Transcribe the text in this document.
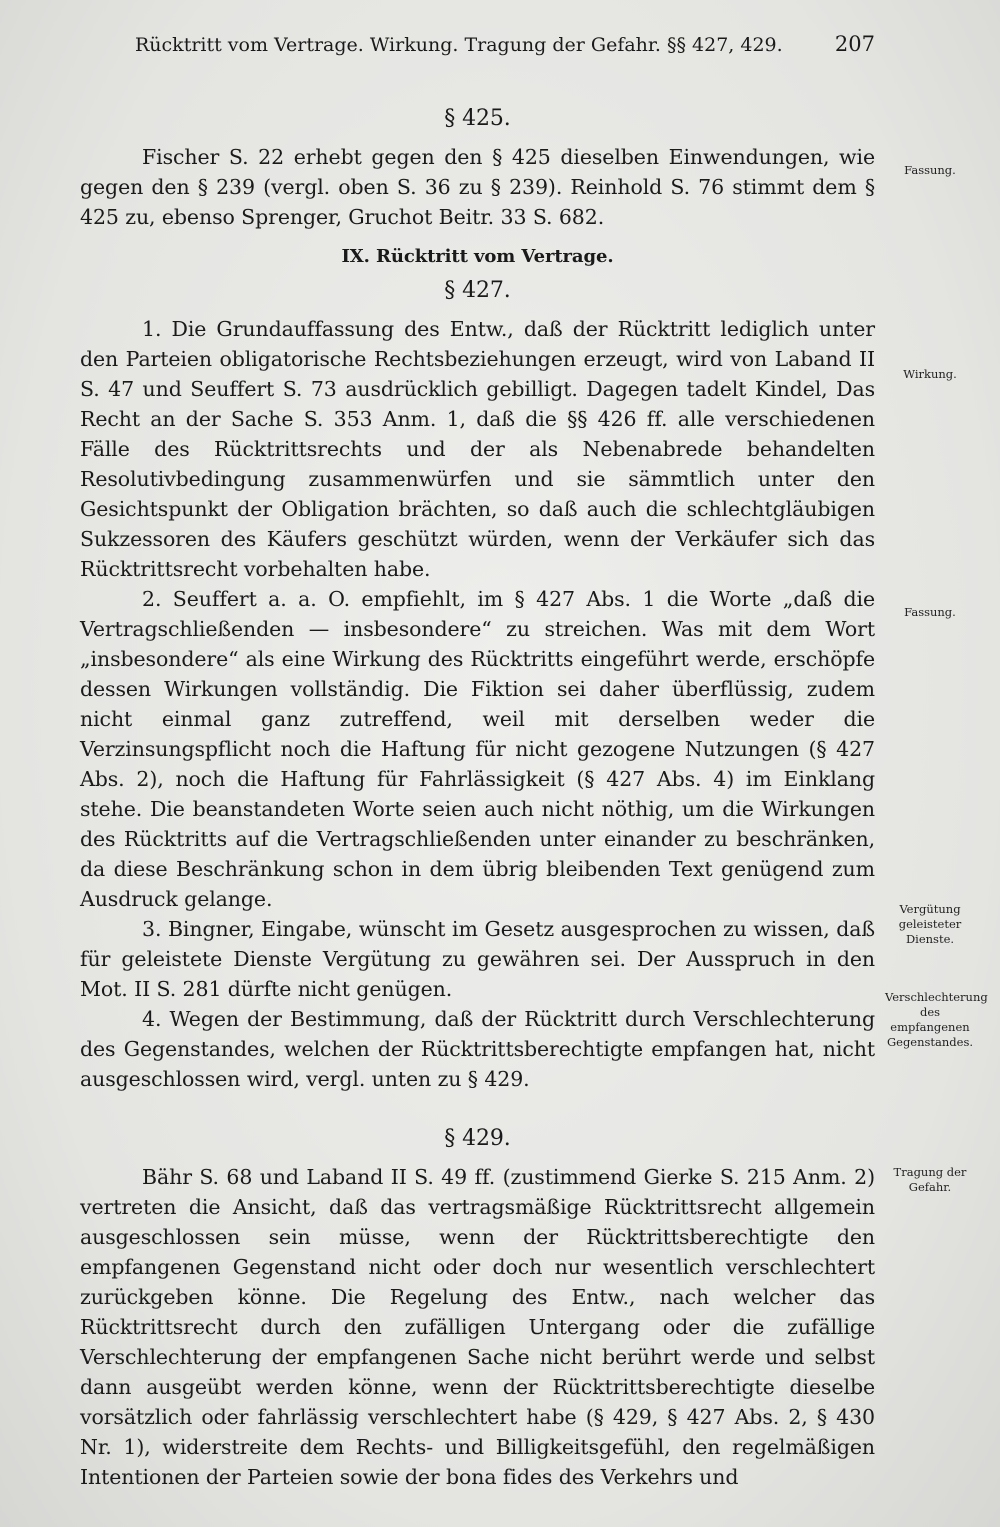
Rücktritt vom Vertrage. Wirkung. Tragung der Gefahr. §§ 427, 429. 207
§ 425.

Fischer S. 22 erhebt gegen den § 425 dieselben Einwendungen, wie gegen den § 239 (vergl. oben S. 36 zu § 239). Reinhold S. 76 stimmt dem § 425 zu, ebenso Sprenger, Gruchot Beitr. 33 S. 682.

IX. Rücktritt vom Vertrage.
§ 427.

1. Die Grundauffassung des Entw., daß der Rücktritt lediglich unter den Parteien obligatorische Rechtsbeziehungen erzeugt, wird von Laband II S. 47 und Seuffert S. 73 ausdrücklich gebilligt. Dagegen tadelt Kindel, Das Recht an der Sache S. 353 Anm. 1, daß die §§ 426 ff. alle verschiedenen Fälle des Rücktrittsrechts und der als Nebenabrede behandelten Resolutivbedingung zusammenwürfen und sie sämmtlich unter den Gesichtspunkt der Obligation brächten, so daß auch die schlechtgläubigen Sukzessoren des Käufers geschützt würden, wenn der Verkäufer sich das Rücktrittsrecht vorbehalten habe.

2. Seuffert a. a. O. empfiehlt, im § 427 Abs. 1 die Worte „daß die Vertragschließenden — insbesondere“ zu streichen. Was mit dem Wort „insbesondere“ als eine Wirkung des Rücktritts eingeführt werde, erschöpfe dessen Wirkungen vollständig. Die Fiktion sei daher überflüssig, zudem nicht einmal ganz zutreffend, weil mit derselben weder die Verzinsungspflicht noch die Haftung für nicht gezogene Nutzungen (§ 427 Abs. 2), noch die Haftung für Fahrlässigkeit (§ 427 Abs. 4) im Einklang stehe. Die beanstandeten Worte seien auch nicht nöthig, um die Wirkungen des Rücktritts auf die Vertragschließenden unter einander zu beschränken, da diese Beschränkung schon in dem übrig bleibenden Text genügend zum Ausdruck gelange.

3. Bingner, Eingabe, wünscht im Gesetz ausgesprochen zu wissen, daß für geleistete Dienste Vergütung zu gewähren sei. Der Ausspruch in den Mot. II S. 281 dürfte nicht genügen.

4. Wegen der Bestimmung, daß der Rücktritt durch Verschlechterung des Gegenstandes, welchen der Rücktrittsberechtigte empfangen hat, nicht ausgeschlossen wird, vergl. unten zu § 429.

§ 429.

Bähr S. 68 und Laband II S. 49 ff. (zustimmend Gierke S. 215 Anm. 2) vertreten die Ansicht, daß das vertragsmäßige Rücktrittsrecht allgemein ausgeschlossen sein müsse, wenn der Rücktrittsberechtigte den empfangenen Gegenstand nicht oder doch nur wesentlich verschlechtert zurückgeben könne. Die Regelung des Entw., nach welcher das Rücktrittsrecht durch den zufälligen Untergang oder die zufällige Verschlechterung der empfangenen Sache nicht berührt werde und selbst dann ausgeübt werden könne, wenn der Rücktrittsberechtigte dieselbe vorsätzlich oder fahrlässig verschlechtert habe (§ 429, § 427 Abs. 2, § 430 Nr. 1), widerstreite dem Rechts- und Billigkeitsgefühl, den regelmäßigen Intentionen der Parteien sowie der bona fides des Verkehrs und

Fassung.
Wirkung.
Fassung.
Vergütung geleisteter Dienste.
Verschlechterung des empfangenen Gegenstandes.
Tragung der Gefahr.
